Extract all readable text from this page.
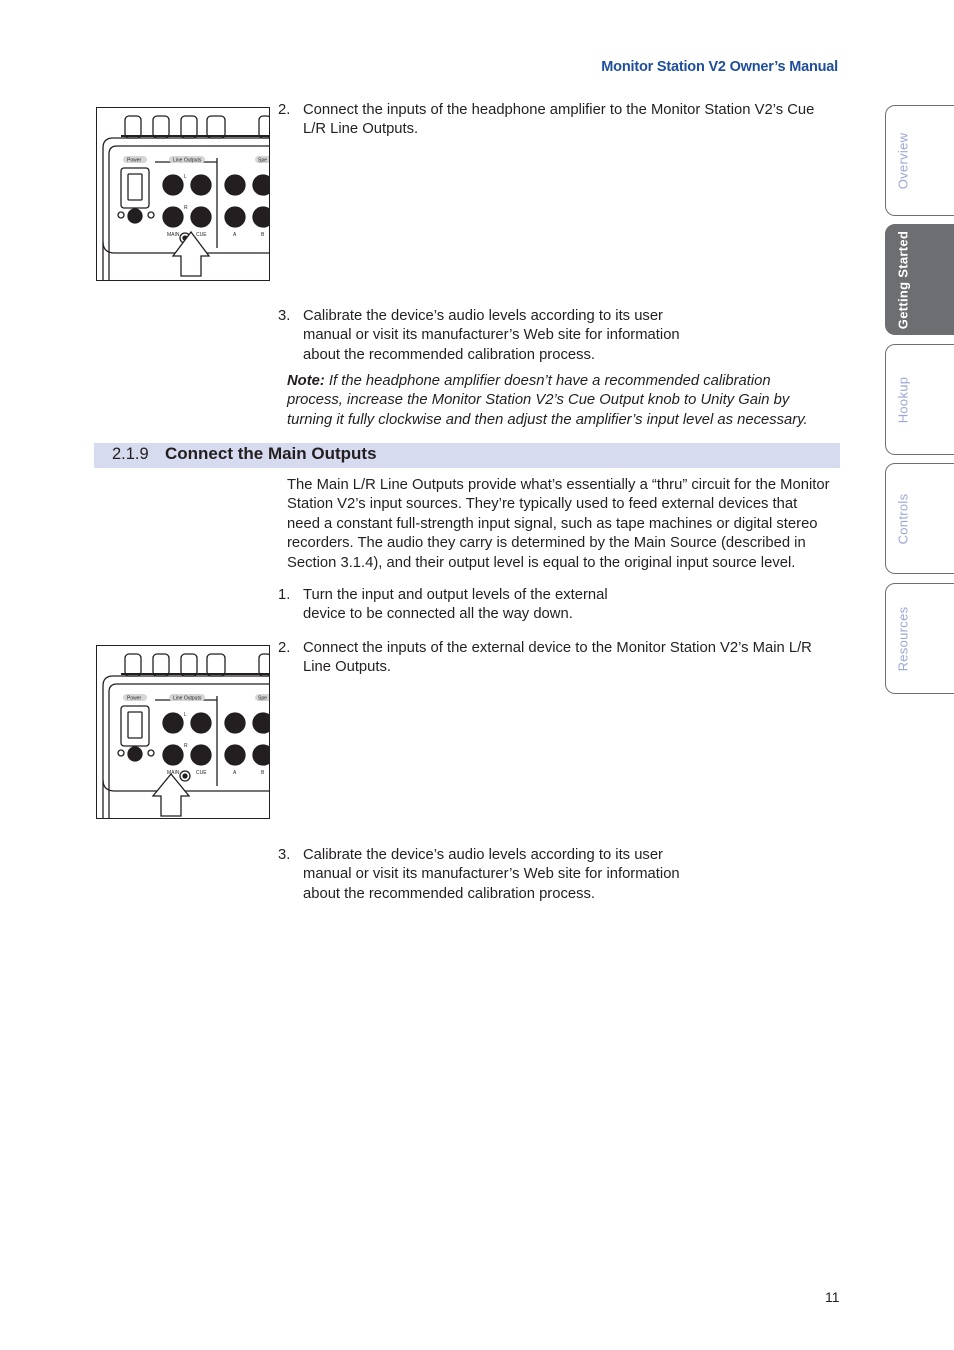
Monitor Station V2 Owner’s Manual
Overview
Getting Started
Hookup
Controls
Resources
Power	Line Outputs	Spe
L
R
MAIN	CUE	A	B
2. Connect the inputs of the headphone amplifier to the Monitor Station V2’s Cue L/R Line Outputs.
3. Calibrate the device’s audio levels according to its user manual or visit its manufacturer’s Web site for information about the recommended calibration process.
Note: If the headphone amplifier doesn’t have a recommended calibration process, increase the Monitor Station V2’s Cue Output knob to Unity Gain by turning it fully clockwise and then adjust the amplifier’s input level as necessary.
2.1.9 Connect the Main Outputs
The Main L/R Line Outputs provide what’s essentially a “thru” circuit for the Monitor Station V2’s input sources. They’re typically used to feed external devices that need a constant full-strength input signal, such as tape machines or digital stereo recorders. The audio they carry is determined by the Main Source (described in Section 3.1.4), and their output level is equal to the original input source level.
1. Turn the input and output levels of the external device to be connected all the way down.
Power	Line Outputs	Spe
L
R
MAIN	CUE	A	B
2. Connect the inputs of the external device to the Monitor Station V2’s Main L/R Line Outputs.
3. Calibrate the device’s audio levels according to its user manual or visit its manufacturer’s Web site for information about the recommended calibration process.
11
